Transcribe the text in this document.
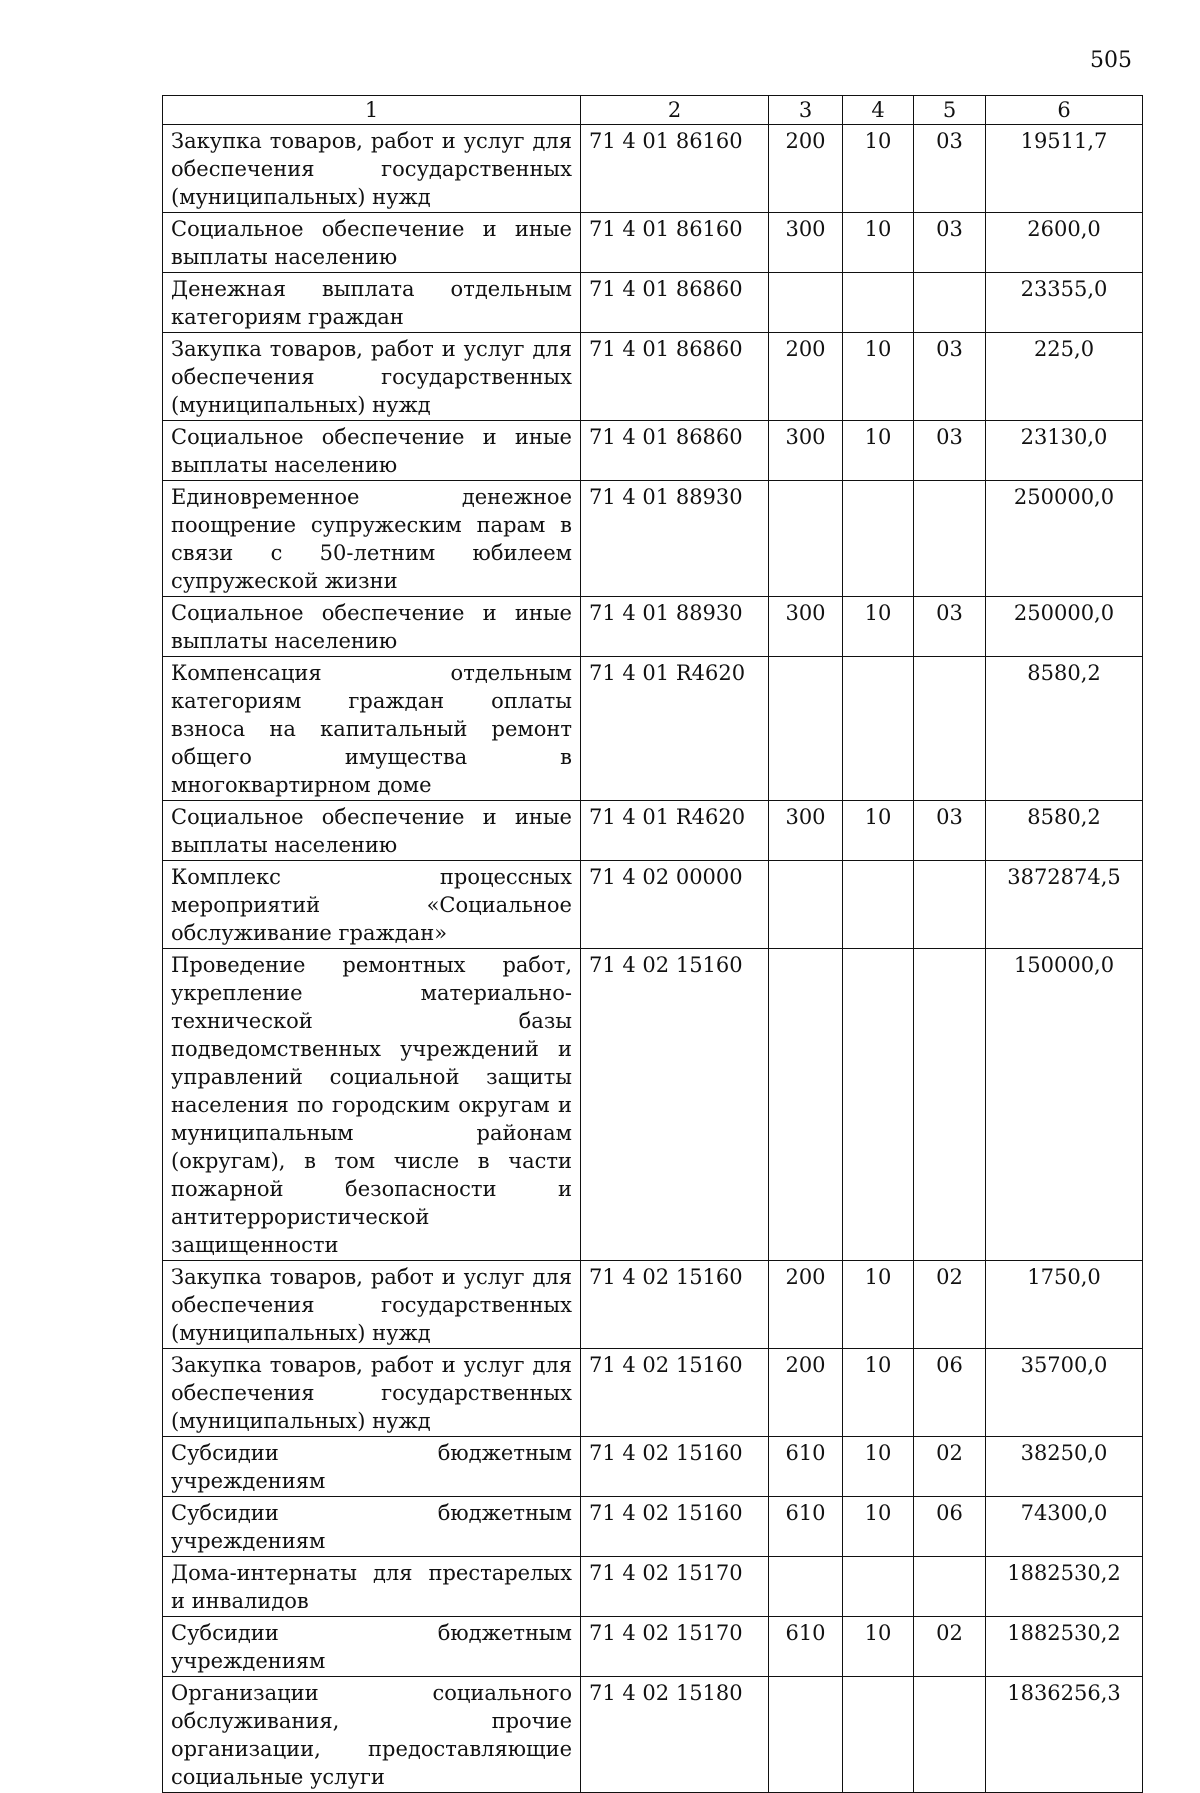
505
1	2	3	4	5	6
Закупка товаров, работ и услуг для обеспечения государственных (муниципальных) нужд	71 4 01 86160	200	10	03	19511,7
Социальное обеспечение и иные выплаты населению	71 4 01 86160	300	10	03	2600,0
Денежная выплата отдельным категориям граждан	71 4 01 86860				23355,0
Закупка товаров, работ и услуг для обеспечения государственных (муниципальных) нужд	71 4 01 86860	200	10	03	225,0
Социальное обеспечение и иные выплаты населению	71 4 01 86860	300	10	03	23130,0
Единовременное денежное поощрение супружеским парам в связи с 50-летним юбилеем супружеской жизни	71 4 01 88930				250000,0
Социальное обеспечение и иные выплаты населению	71 4 01 88930	300	10	03	250000,0
Компенсация отдельным категориям граждан оплаты взноса на капитальный ремонт общего имущества в многоквартирном доме	71 4 01 R4620				8580,2
Социальное обеспечение и иные выплаты населению	71 4 01 R4620	300	10	03	8580,2
Комплекс процессных мероприятий «Социальное обслуживание граждан»	71 4 02 00000				3872874,5
Проведение ремонтных работ, укрепление материально-технической базы подведомственных учреждений и управлений социальной защиты населения по городским округам и муниципальным районам (округам), в том числе в части пожарной безопасности и антитеррористической защищенности	71 4 02 15160				150000,0
Закупка товаров, работ и услуг для обеспечения государственных (муниципальных) нужд	71 4 02 15160	200	10	02	1750,0
Закупка товаров, работ и услуг для обеспечения государственных (муниципальных) нужд	71 4 02 15160	200	10	06	35700,0
Субсидии бюджетным учреждениям	71 4 02 15160	610	10	02	38250,0
Субсидии бюджетным учреждениям	71 4 02 15160	610	10	06	74300,0
Дома-интернаты для престарелых и инвалидов	71 4 02 15170				1882530,2
Субсидии бюджетным учреждениям	71 4 02 15170	610	10	02	1882530,2
Организации социального обслуживания, прочие организации, предоставляющие социальные услуги	71 4 02 15180				1836256,3
